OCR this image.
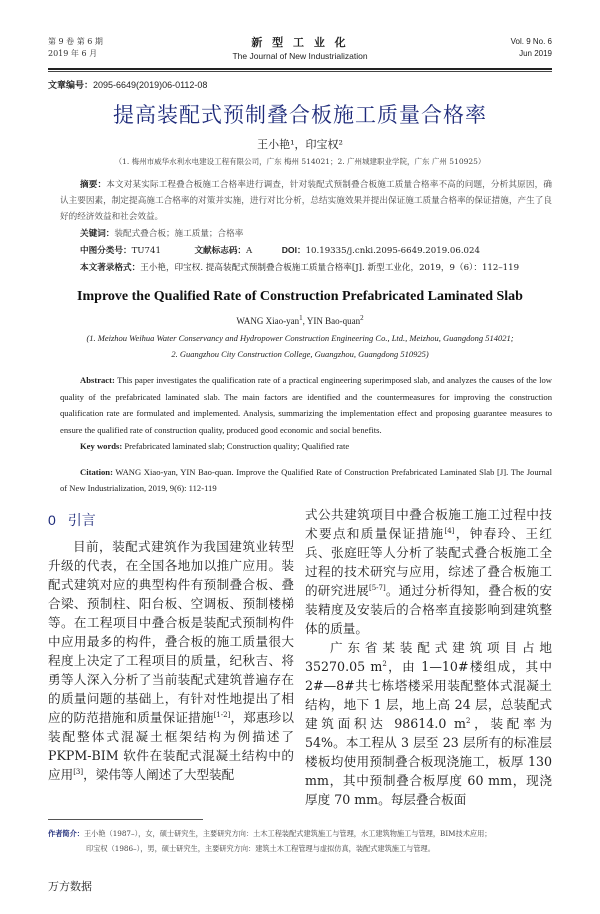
第 9 卷 第 6 期
2019 年 6 月
新 型 工 业 化
The Journal of New Industrialization
Vol. 9 No. 6
Jun 2019
文章编号：2095-6649(2019)06-0112-08
提高装配式预制叠合板施工质量合格率
王小艳¹，印宝权²
（1. 梅州市威华水利水电建设工程有限公司，广东 梅州 514021；2. 广州城建职业学院，广东 广州 510925）

摘要：本文对某实际工程叠合板施工合格率进行调查，针对装配式预制叠合板施工质量合格率不高的问题，分析其原因，确认主要因素，制定提高施工合格率的对策并实施，进行对比分析，总结实施效果并提出保证施工质量合格率的保证措施，产生了良好的经济效益和社会效益。

关键词：装配式叠合板；施工质量；合格率

中图分类号：TU741	文献标志码：A	DOI：10.19335/j.cnki.2095-6649.2019.06.024

本文著录格式：王小艳，印宝权. 提高装配式预制叠合板施工质量合格率[J]. 新型工业化，2019，9（6）：112–119

Improve the Qualified Rate of Construction Prefabricated Laminated Slab
WANG Xiao-yan$^1$, YIN Bao-quan$^2$
(1. Meizhou Weihua Water Conservancy and Hydropower Construction Engineering Co., Ltd., Meizhou, Guangdong 514021;
2. Guangzhou City Construction College, Guangzhou, Guangdong 510925)

Abstract: This paper investigates the qualification rate of a practical engineering superimposed slab, and analyzes the causes of the low quality of the prefabricated laminated slab. The main factors are identified and the countermeasures for improving the construction qualification rate are formulated and implemented. Analysis, summarizing the implementation effect and proposing guarantee measures to ensure the qualified rate of construction quality, produced good economic and social benefits.

Key words: Prefabricated laminated slab; Construction quality; Qualified rate

Citation: WANG Xiao-yan, YIN Bao-quan. Improve the Qualified Rate of Construction Prefabricated Laminated Slab [J]. The Journal of New Industrialization, 2019, 9(6): 112-119

0 引言

目前，装配式建筑作为我国建筑业转型升级的代表，在全国各地加以推广应用。装配式建筑对应的典型构件有预制叠合板、叠合梁、预制柱、阳台板、空调板、预制楼梯等。在工程项目中叠合板是装配式预制构件中应用最多的构件，叠合板的施工质量很大程度上决定了工程项目的质量，纪秋吉、将勇等人深入分析了当前装配式建筑普遍存在的质量问题的基础上，有针对性地提出了相应的防范措施和质量保证措施[1-2]，郑惠珍以装配整体式混凝土框架结构为例描述了 PKPM-BIM 软件在装配式混凝土结构中的应用[3]，梁伟等人阐述了大型装配

式公共建筑项目中叠合板施工施工过程中技术要点和质量保证措施[4]，钟春玲、王红兵、张庭旺等人分析了装配式叠合板施工全过程的技术研究与应用，综述了叠合板施工的研究进展[5-7]。通过分析得知，叠合板的安装精度及安装后的合格率直接影响到建筑整体的质量。

广东省某装配式建筑项目占地 35270.05 $m^2$，由 1—10#楼组成，其中 2#—8#共七栋塔楼采用装配整体式混凝土结构，地下 1 层，地上高 24 层，总装配式建筑面积达 98614.0 $m^2$，装配率为 54%。本工程从 3 层至 23 层所有的标准层楼板均使用预制叠合板现浇施工，板厚 130 mm，其中预制叠合板厚度 60 mm，现浇厚度 70 mm。每层叠合板面

作者简介：王小艳（1987–），女，硕士研究生，主要研究方向：土木工程装配式建筑施工与管理，水工建筑物施工与管理，BIM技术应用；
印宝权（1986–），男，硕士研究生，主要研究方向：建筑土木工程管理与虚拟仿真，装配式建筑施工与管理。
万方数据
